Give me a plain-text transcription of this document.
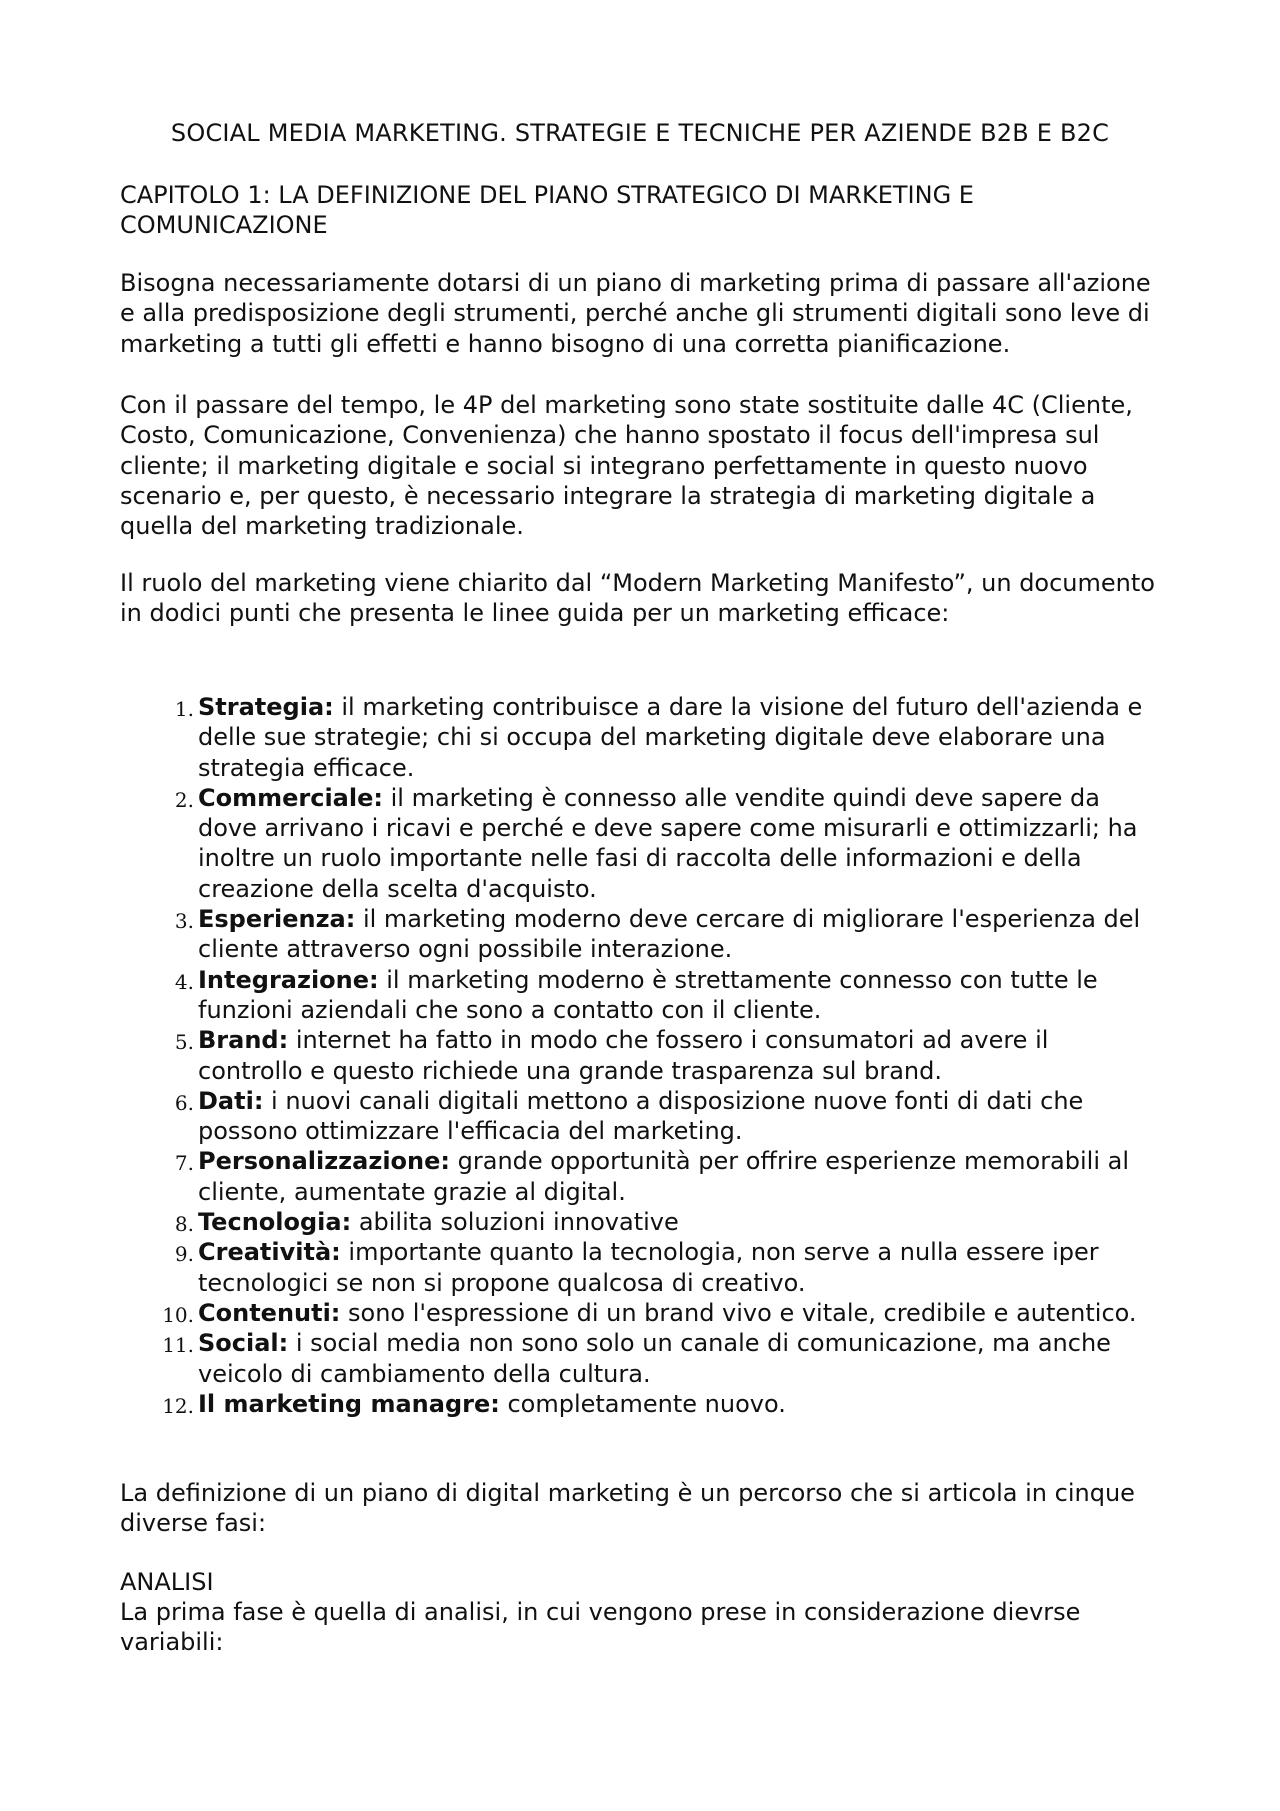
SOCIAL MEDIA MARKETING. STRATEGIE E TECNICHE PER AZIENDE B2B E B2C
CAPITOLO 1: LA DEFINIZIONE DEL PIANO STRATEGICO DI MARKETING E
COMUNICAZIONE

Bisogna necessariamente dotarsi di un piano di marketing prima di passare all'azione e alla predisposizione degli strumenti, perché anche gli strumenti digitali sono leve di marketing a tutti gli effetti e hanno bisogno di una corretta pianificazione.

Con il passare del tempo, le 4P del marketing sono state sostituite dalle 4C (Cliente, Costo, Comunicazione, Convenienza) che hanno spostato il focus dell'impresa sul cliente; il marketing digitale e social si integrano perfettamente in questo nuovo scenario e, per questo, è necessario integrare la strategia di marketing digitale a quella del marketing tradizionale.

Il ruolo del marketing viene chiarito dal “Modern Marketing Manifesto”, un documento in dodici punti che presenta le linee guida per un marketing efficace:

1. Strategia: il marketing contribuisce a dare la visione del futuro dell'azienda e delle sue strategie; chi si occupa del marketing digitale deve elaborare una strategia efficace.
2. Commerciale: il marketing è connesso alle vendite quindi deve sapere da dove arrivano i ricavi e perché e deve sapere come misurarli e ottimizzarli; ha inoltre un ruolo importante nelle fasi di raccolta delle informazioni e della creazione della scelta d'acquisto.
3. Esperienza: il marketing moderno deve cercare di migliorare l'esperienza del cliente attraverso ogni possibile interazione.
4. Integrazione: il marketing moderno è strettamente connesso con tutte le funzioni aziendali che sono a contatto con il cliente.
5. Brand: internet ha fatto in modo che fossero i consumatori ad avere il controllo e questo richiede una grande trasparenza sul brand.
6. Dati: i nuovi canali digitali mettono a disposizione nuove fonti di dati che possono ottimizzare l'efficacia del marketing.
7. Personalizzazione: grande opportunità per offrire esperienze memorabili al cliente, aumentate grazie al digital.
8. Tecnologia: abilita soluzioni innovative
9. Creatività: importante quanto la tecnologia, non serve a nulla essere iper tecnologici se non si propone qualcosa di creativo.
10. Contenuti: sono l'espressione di un brand vivo e vitale, credibile e autentico.
11. Social: i social media non sono solo un canale di comunicazione, ma anche veicolo di cambiamento della cultura.
12. Il marketing managre: completamente nuovo.

La definizione di un piano di digital marketing è un percorso che si articola in cinque diverse fasi:

ANALISI

La prima fase è quella di analisi, in cui vengono prese in considerazione dievrse variabili:
